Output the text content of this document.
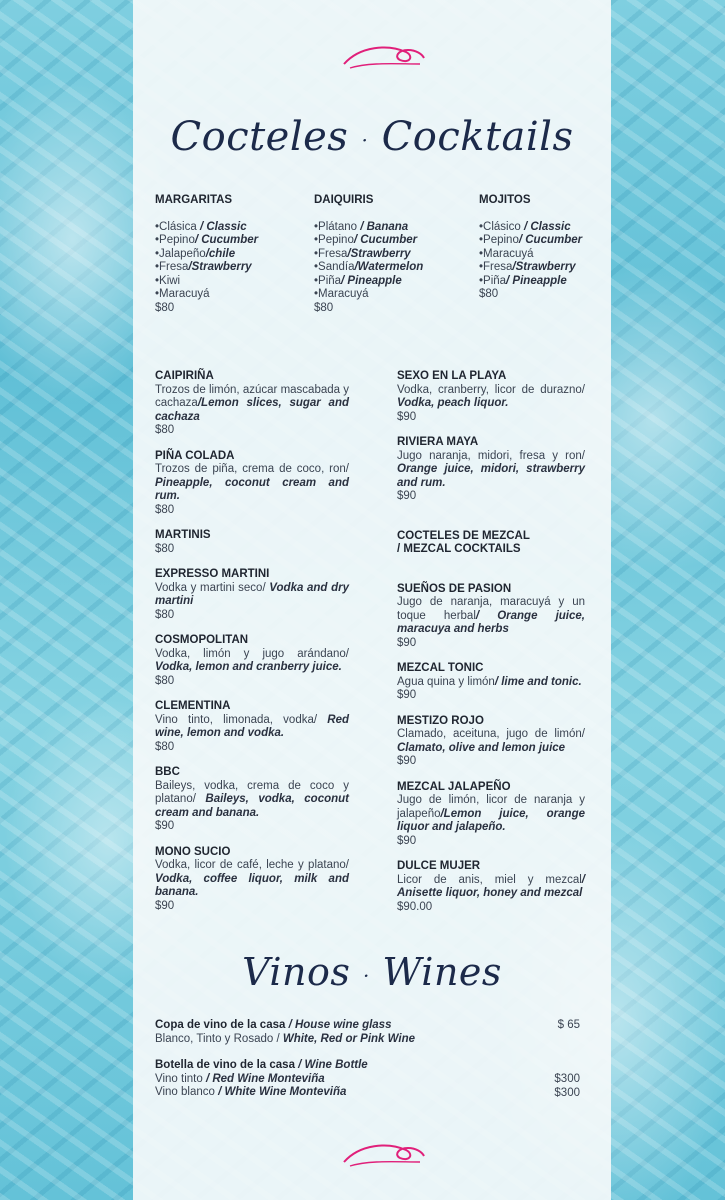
Cocteles · Cocktails
MARGARITAS
•Clásica / Classic
•Pepino/ Cucumber
•Jalapeño/chile
•Fresa/Strawberry
•Kiwi
•Maracuyá
$80
DAIQUIRIS
•Plátano / Banana
•Pepino/ Cucumber
•Fresa/Strawberry
•Sandía/Watermelon
•Piña/ Pineapple
•Maracuyá
$80
MOJITOS
•Clásico / Classic
•Pepino/ Cucumber
•Maracuyá
•Fresa/Strawberry
•Piña/ Pineapple
$80
CAIPIRIÑA
Trozos de limón, azúcar mascabada y cachaza/Lemon slices, sugar and cachaza
$80
PIÑA COLADA
Trozos de piña, crema de coco, ron/ Pineapple, coconut cream and rum.
$80
MARTINIS
$80
EXPRESSO MARTINI
Vodka y martini seco/ Vodka and dry martini
$80
COSMOPOLITAN
Vodka, limón y jugo arándano/ Vodka, lemon and cranberry juice.
$80
CLEMENTINA
Vino tinto, limonada, vodka/ Red wine, lemon and vodka.
$80
BBC
Baileys, vodka, crema de coco y platano/ Baileys, vodka, coconut cream and banana.
$90
MONO SUCIO
Vodka, licor de café, leche y platano/ Vodka, coffee liquor, milk and banana.
$90
SEXO EN LA PLAYA
Vodka, cranberry, licor de durazno/ Vodka, peach liquor.
$90
RIVIERA MAYA
Jugo naranja, midori, fresa y ron/ Orange juice, midori, strawberry and rum.
$90
COCTELES DE MEZCAL
/ MEZCAL COCKTAILS
SUEÑOS DE PASION
Jugo de naranja, maracuyá y un toque herbal/ Orange juice, maracuya and herbs
$90
MEZCAL TONIC
Agua quina y limón/ lime and tonic.
$90
MESTIZO ROJO
Clamado, aceituna, jugo de limón/ Clamato, olive and lemon juice
$90
MEZCAL JALAPEÑO
Jugo de limón, licor de naranja y jalapeño/Lemon juice, orange liquor and jalapeño.
$90
DULCE MUJER
Licor de anis, miel y mezcal/ Anisette liquor, honey and mezcal
$90.00
Vinos · Wines
Copa de vino de la casa / House wine glass
Blanco, Tinto y Rosado / White, Red or Pink Wine
$ 65
Botella de vino de la casa / Wine Bottle
Vino tinto / Red Wine Monteviña
Vino blanco / White Wine Monteviña
$300
$300
